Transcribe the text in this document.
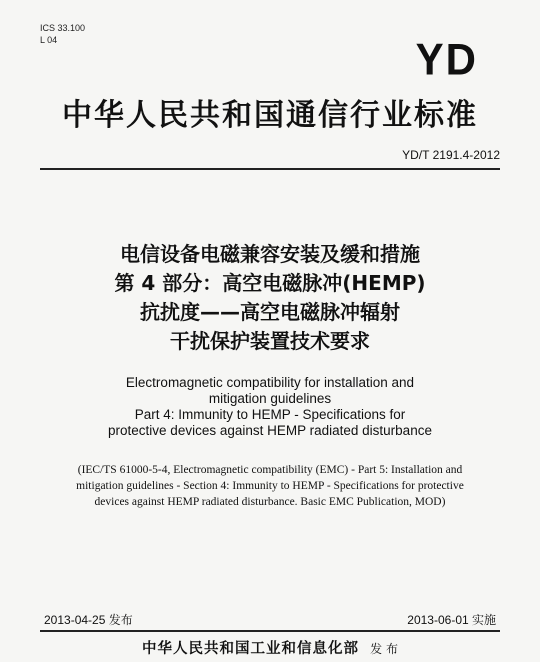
ICS 33.100
L 04	YD
中华人民共和国通信行业标准
YD/T 2191.4-2012
电信设备电磁兼容安装及缓和措施
第 4 部分：高空电磁脉冲(HEMP)
抗扰度——高空电磁脉冲辐射
干扰保护装置技术要求
Electromagnetic compatibility for installation and
mitigation guidelines
Part 4: Immunity to HEMP - Specifications for
protective devices against HEMP radiated disturbance
(IEC/TS 61000-5-4, Electromagnetic compatibility (EMC) - Part 5: Installation and
mitigation guidelines - Section 4: Immunity to HEMP - Specifications for protective
devices against HEMP radiated disturbance. Basic EMC Publication, MOD)
2013-04-25 发布	2013-06-01 实施
中华人民共和国工业和信息化部 发 布
